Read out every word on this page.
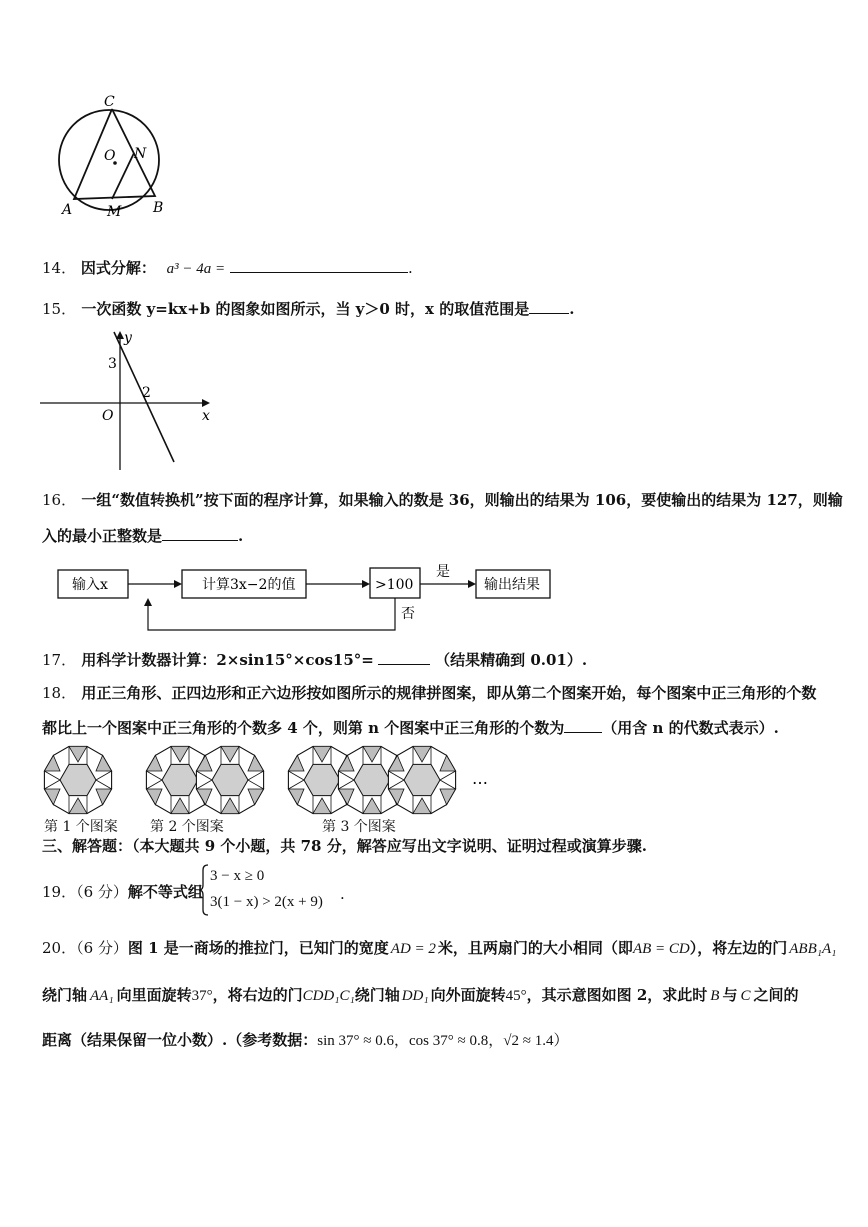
C
O N
A M B
14． 因式分解： a³ − 4a =	.
15． 一次函数 y=kx+b 的图象如图所示，当 y＞0 时，x 的取值范围是	.
y
3
2
O	x
16． 一组“数值转换机”按下面的程序计算，如果输入的数是 36，则输出的结果为 106，要使输出的结果为 127，则输
入的最小正整数是	.
输入x	计算3x−2的值	>100
是
输出结果
否
17． 用科学计数器计算：2×sin15°×cos15°=	（结果精确到 0.01）.
18． 用正三角形、正四边形和正六边形按如图所示的规律拼图案，即从第二个图案开始，每个图案中正三角形的个数
都比上一个图案中正三角形的个数多 4 个，则第 n 个图案中正三角形的个数为	（用含 n 的代数式表示）.
…
第 1 个图案 第 2 个图案	第 3 个图案
三、解答题：（本大题共 9 个小题，共 78 分，解答应写出文字说明、证明过程或演算步骤.
19．（6 分）解不等式组
3 − x ≥ 0
3(1 − x) > 2(x + 9) .
20．（6 分）图 1 是一商场的推拉门，已知门的宽度 AD = 2 米，且两扇门的大小相同（即AB = CD），将左边的门 ABB₁A₁
绕门轴 AA₁ 向里面旋转37°，将右边的门CDD₁C₁绕门轴 DD₁ 向外面旋转45°，其示意图如图 2，求此时 B 与 C 之间的
距离（结果保留一位小数）.（参考数据：sin 37° ≈ 0.6，cos 37° ≈ 0.8，√2 ≈ 1.4）
